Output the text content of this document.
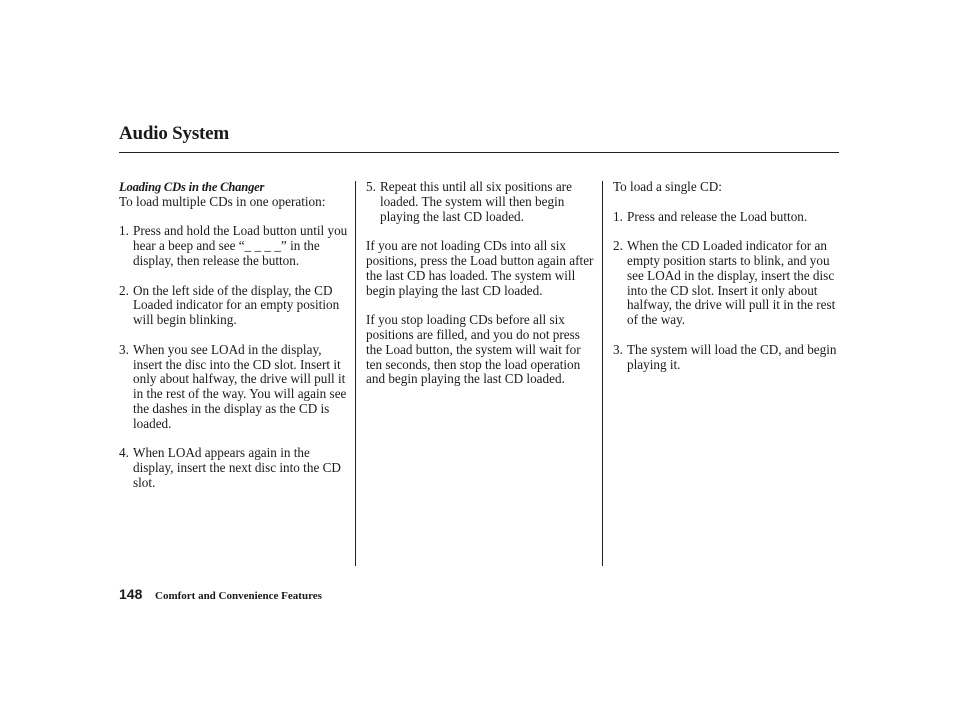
Audio System

Loading CDs in the Changer

To load multiple CDs in one operation:

1. Press and hold the Load button until you hear a beep and see “_ _ _ _” in the display, then release the button.
2. On the left side of the display, the CD Loaded indicator for an empty position will begin blinking.
3. When you see LOAd in the display, insert the disc into the CD slot. Insert it only about halfway, the drive will pull it in the rest of the way. You will again see the dashes in the display as the CD is loaded.
4. When LOAd appears again in the display, insert the next disc into the CD slot.
5. Repeat this until all six positions are loaded. The system will then begin playing the last CD loaded.

If you are not loading CDs into all six positions, press the Load button again after the last CD has loaded. The system will begin playing the last CD loaded.

If you stop loading CDs before all six positions are filled, and you do not press the Load button, the system will wait for ten seconds, then stop the load operation and begin playing the last CD loaded.

To load a single CD:

1. Press and release the Load button.
2. When the CD Loaded indicator for an empty position starts to blink, and you see LOAd in the display, insert the disc into the CD slot. Insert it only about halfway, the drive will pull it in the rest of the way.
3. The system will load the CD, and begin playing it.
148 Comfort and Convenience Features
